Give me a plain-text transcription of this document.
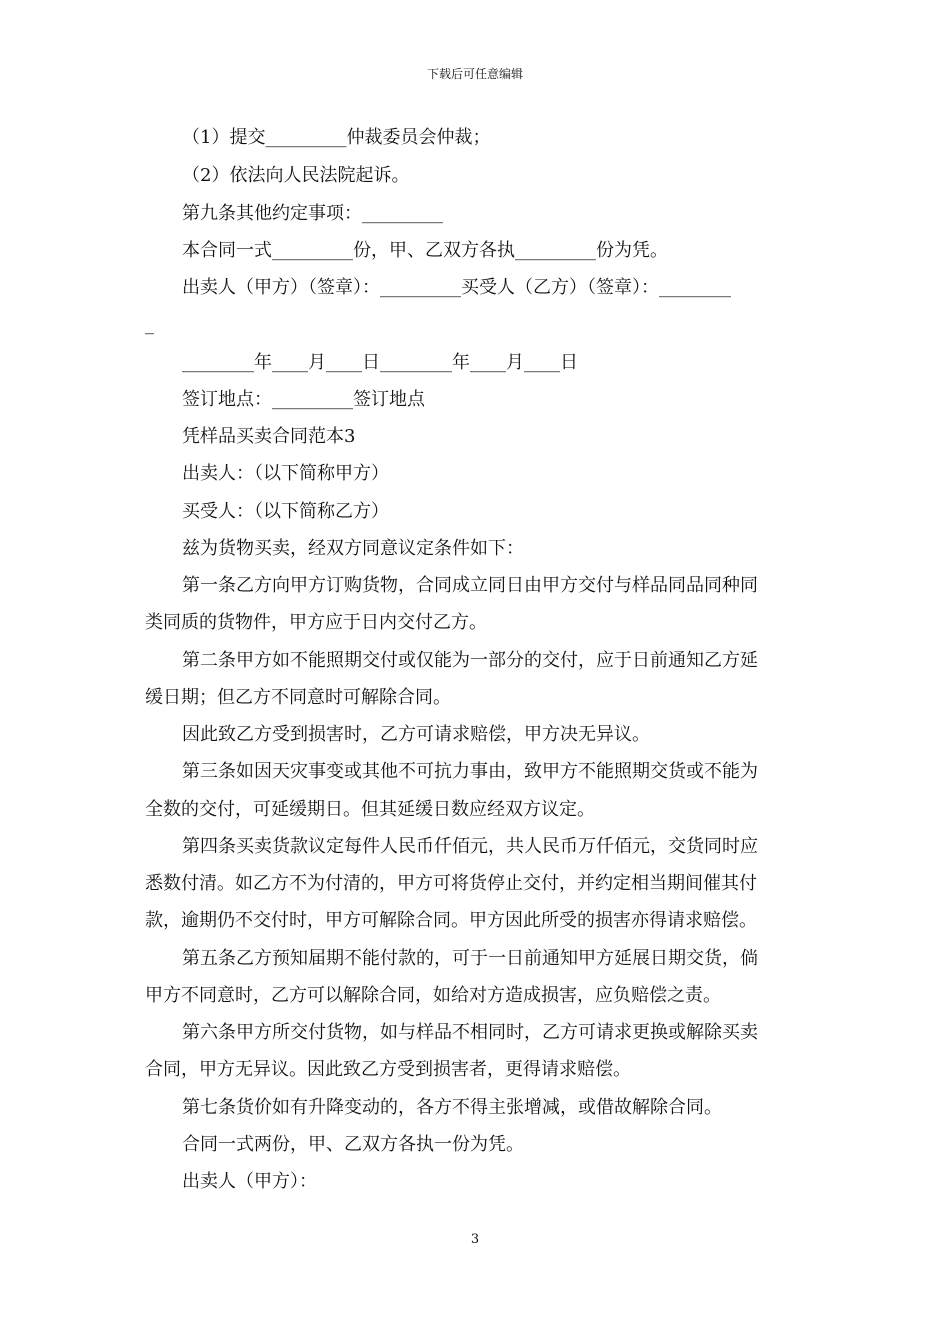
下载后可任意编辑
（1）提交_________仲裁委员会仲裁；
（2）依法向人民法院起诉。
第九条其他约定事项：_________
本合同一式_________份，甲、乙双方各执_________份为凭。
出卖人（甲方）（签章）：_________买受人（乙方）（签章）：________
_
________年____月____日________年____月____日
签订地点：_________签订地点
凭样品买卖合同范本3
出卖人：（以下简称甲方）
买受人：（以下简称乙方）
兹为货物买卖，经双方同意议定条件如下：
第一条乙方向甲方订购货物，合同成立同日由甲方交付与样品同品同种同
类同质的货物件，甲方应于日内交付乙方。
第二条甲方如不能照期交付或仅能为一部分的交付，应于日前通知乙方延
缓日期；但乙方不同意时可解除合同。
因此致乙方受到损害时，乙方可请求赔偿，甲方决无异议。
第三条如因天灾事变或其他不可抗力事由，致甲方不能照期交货或不能为
全数的交付，可延缓期日。但其延缓日数应经双方议定。
第四条买卖货款议定每件人民币仟佰元，共人民币万仟佰元，交货同时应
悉数付清。如乙方不为付清的，甲方可将货停止交付，并约定相当期间催其付
款，逾期仍不交付时，甲方可解除合同。甲方因此所受的损害亦得请求赔偿。
第五条乙方预知届期不能付款的，可于一日前通知甲方延展日期交货，倘
甲方不同意时，乙方可以解除合同，如给对方造成损害，应负赔偿之责。
第六条甲方所交付货物，如与样品不相同时，乙方可请求更换或解除买卖
合同，甲方无异议。因此致乙方受到损害者，更得请求赔偿。
第七条货价如有升降变动的，各方不得主张增减，或借故解除合同。
合同一式两份，甲、乙双方各执一份为凭。
出卖人（甲方）：
3
